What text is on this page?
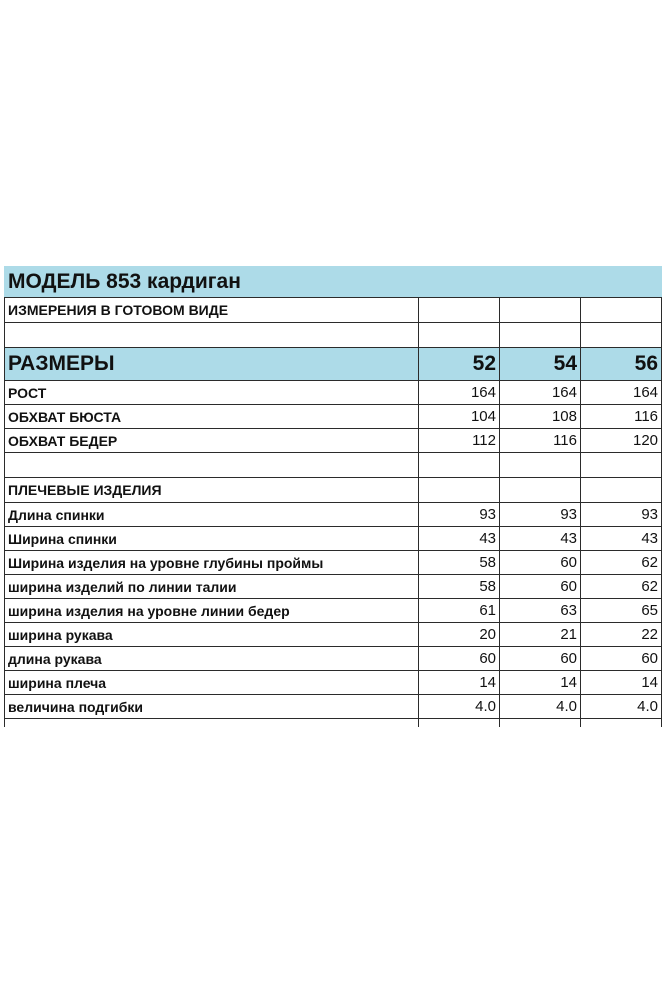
МОДЕЛЬ 853 кардиган			
ИЗМЕРЕНИЯ В ГОТОВОМ ВИДЕ			

РАЗМЕРЫ	52	54	56
РОСТ	164	164	164
ОБХВАТ БЮСТА	104	108	116
ОБХВАТ БЕДЕР	112	116	120

ПЛЕЧЕВЫЕ ИЗДЕЛИЯ			
Длина спинки	93	93	93
Ширина спинки	43	43	43
Ширина изделия на уровне глубины проймы	58	60	62
ширина изделий по линии талии	58	60	62
ширина изделия на уровне линии бедер	61	63	65
ширина рукава	20	21	22
длина рукава	60	60	60
ширина плеча	14	14	14
величина подгибки	4.0	4.0	4.0
